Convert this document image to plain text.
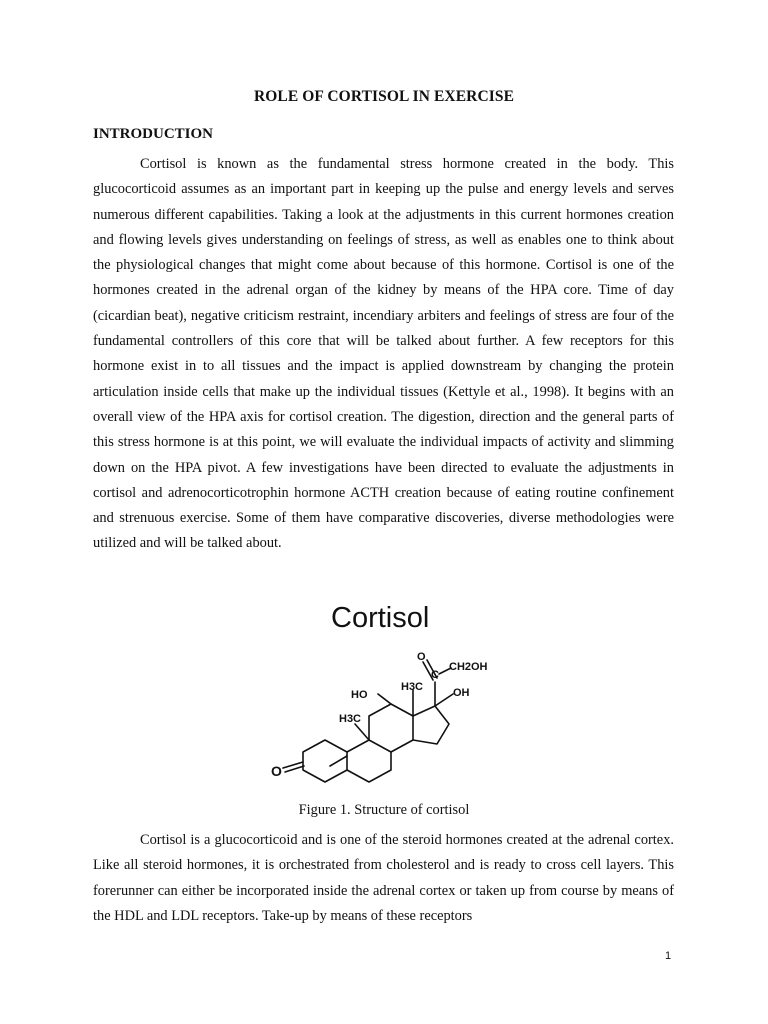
ROLE OF CORTISOL IN EXERCISE
INTRODUCTION

Cortisol is known as the fundamental stress hormone created in the body. This glucocorticoid assumes as an important part in keeping up the pulse and energy levels and serves numerous different capabilities. Taking a look at the adjustments in this current hormones creation and flowing levels gives understanding on feelings of stress, as well as enables one to think about the physiological changes that might come about because of this hormone. Cortisol is one of the hormones created in the adrenal organ of the kidney by means of the HPA core. Time of day (cicardian beat), negative criticism restraint, incendiary arbiters and feelings of stress are four of the fundamental controllers of this core that will be talked about further. A few receptors for this hormone exist in to all tissues and the impact is applied downstream by changing the protein articulation inside cells that make up the individual tissues (Kettyle et al., 1998). It begins with an overall view of the HPA axis for cortisol creation. The digestion, direction and the general parts of this stress hormone is at this point, we will evaluate the individual impacts of activity and slimming down on the HPA pivot. A few investigations have been directed to evaluate the adjustments in cortisol and adrenocorticotrophin hormone ACTH creation because of eating routine confinement and strenuous exercise. Some of them have comparative discoveries, diverse methodologies were utilized and will be talked about.

Cortisol
O
HO
H3C
H3C
C
O
CH2OH
OH
Figure 1. Structure of cortisol

Cortisol is a glucocorticoid and is one of the steroid hormones created at the adrenal cortex. Like all steroid hormones, it is orchestrated from cholesterol and is ready to cross cell layers. This forerunner can either be incorporated inside the adrenal cortex or taken up from course by means of the HDL and LDL receptors. Take-up by means of these receptors

1
